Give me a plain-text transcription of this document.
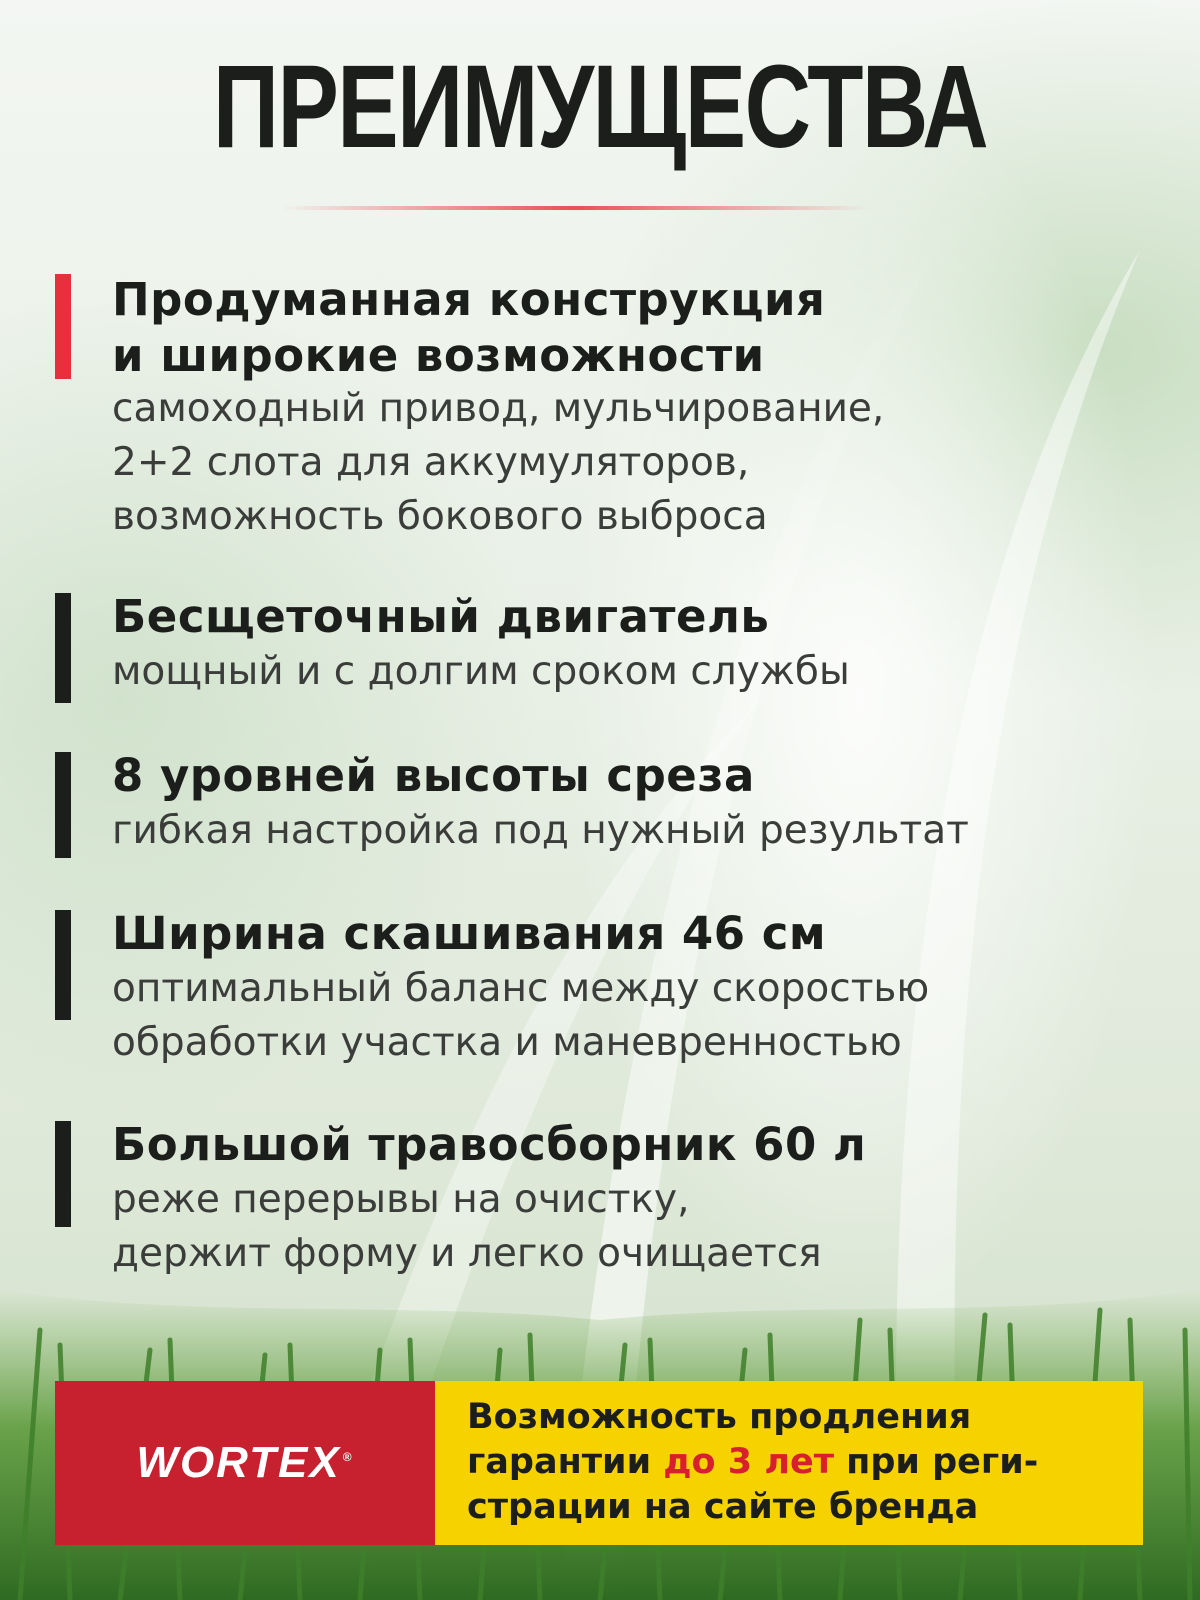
ПРЕИМУЩЕСТВА
Продуманная конструкция
и широкие возможности
самоходный привод, мульчирование,
2+2 слота для аккумуляторов,
возможность бокового выброса
Бесщеточный двигатель
мощный и с долгим сроком службы
8 уровней высоты среза
гибкая настройка под нужный результат
Ширина скашивания 46 см
оптимальный баланс между скоростью
обработки участка и маневренностью
Большой травосборник 60 л
реже перерывы на очистку,
держит форму и легко очищается
WORTEX ®
Возможность продления
гарантии до 3 лет при реги-
страции на сайте бренда
